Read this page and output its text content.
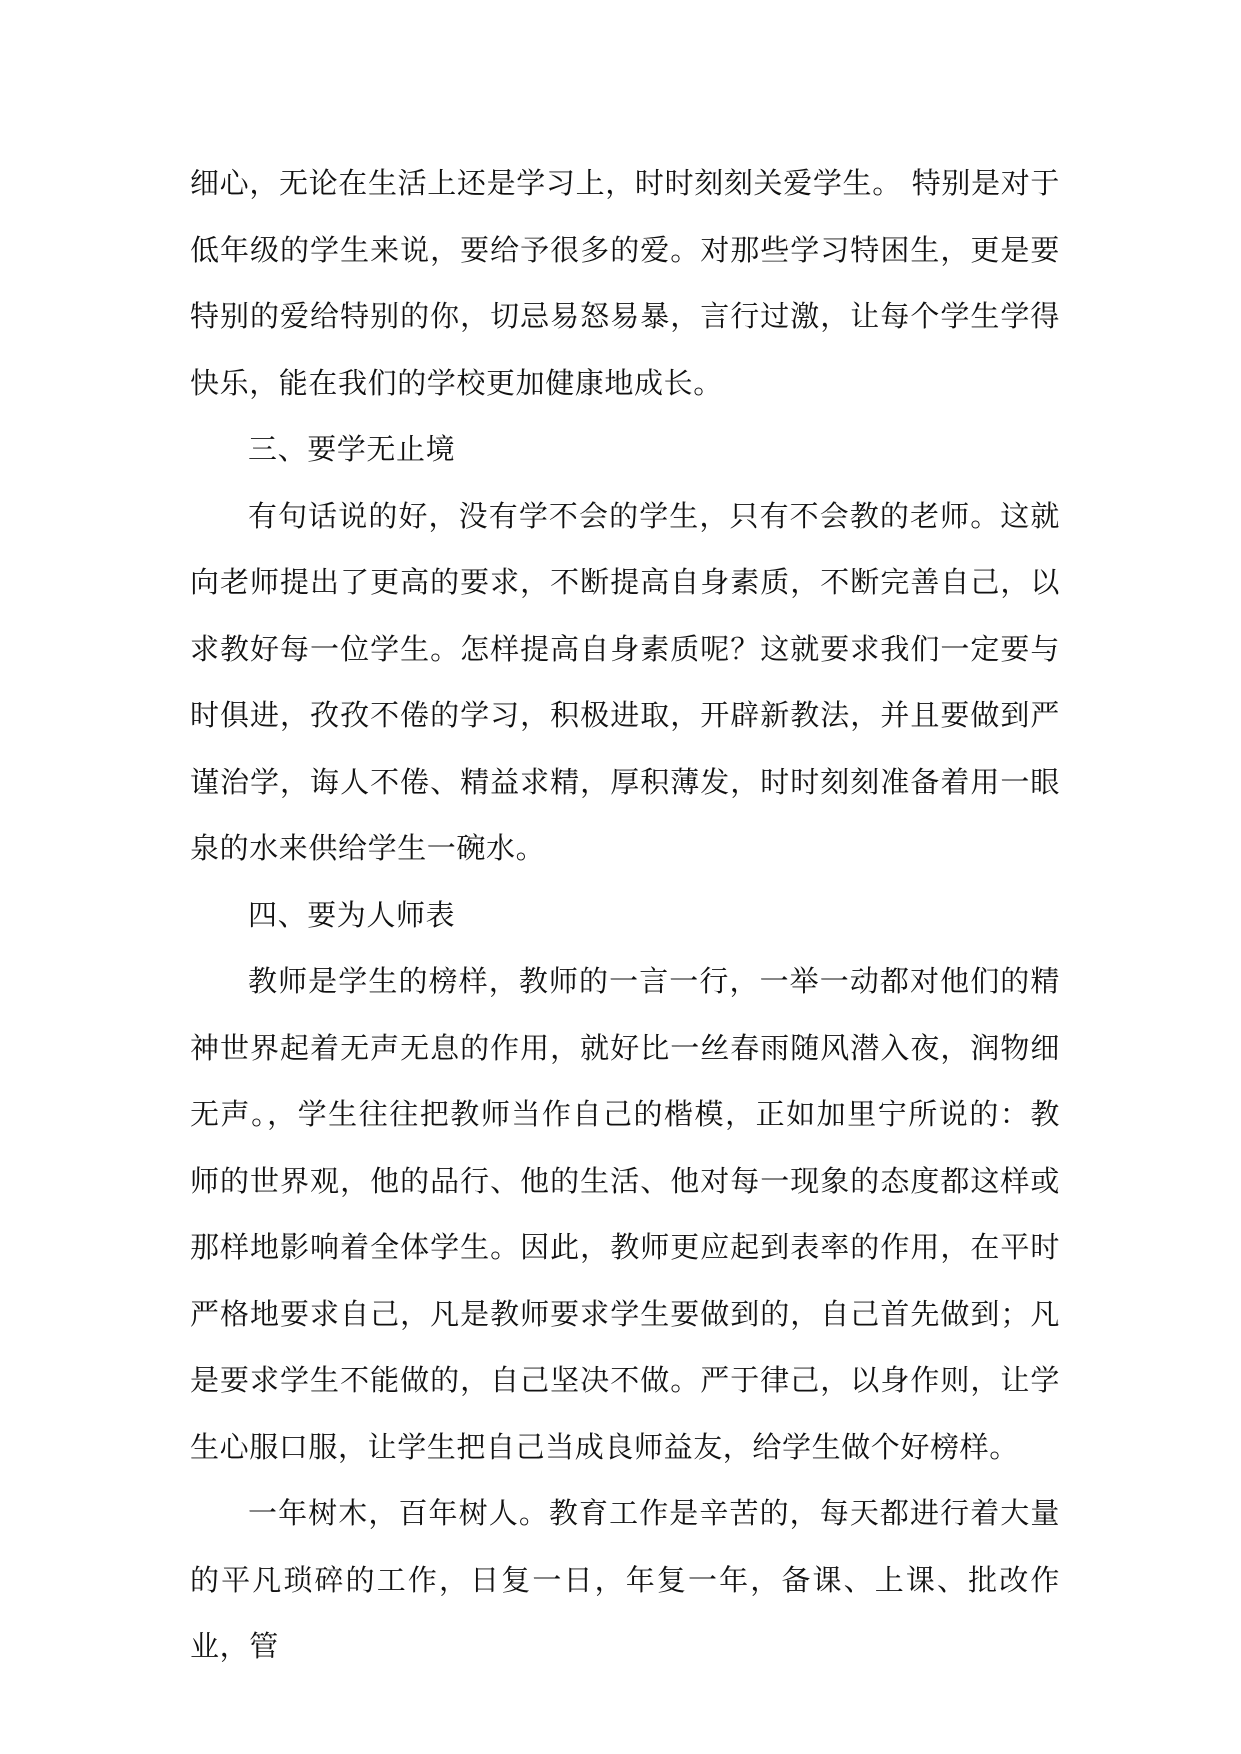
细心，无论在生活上还是学习上，时时刻刻关爱学生。 特别是对于低年级的学生来说，要给予很多的爱。对那些学习特困生，更是要特别的爱给特别的你，切忌易怒易暴，言行过激，让每个学生学得快乐，能在我们的学校更加健康地成长。

三、要学无止境

有句话说的好，没有学不会的学生，只有不会教的老师。这就向老师提出了更高的要求，不断提高自身素质，不断完善自己，以求教好每一位学生。怎样提高自身素质呢？这就要求我们一定要与时俱进，孜孜不倦的学习，积极进取，开辟新教法，并且要做到严谨治学，诲人不倦、精益求精，厚积薄发，时时刻刻准备着用一眼泉的水来供给学生一碗水。

四、要为人师表

教师是学生的榜样，教师的一言一行，一举一动都对他们的精神世界起着无声无息的作用，就好比一丝春雨随风潜入夜，润物细无声。，学生往往把教师当作自己的楷模，正如加里宁所说的：教师的世界观，他的品行、他的生活、他对每一现象的态度都这样或那样地影响着全体学生。因此，教师更应起到表率的作用，在平时严格地要求自己，凡是教师要求学生要做到的，自己首先做到；凡是要求学生不能做的，自己坚决不做。严于律己，以身作则，让学生心服口服，让学生把自己当成良师益友，给学生做个好榜样。

一年树木，百年树人。教育工作是辛苦的，每天都进行着大量的平凡琐碎的工作，日复一日，年复一年，备课、上课、批改作业，管
